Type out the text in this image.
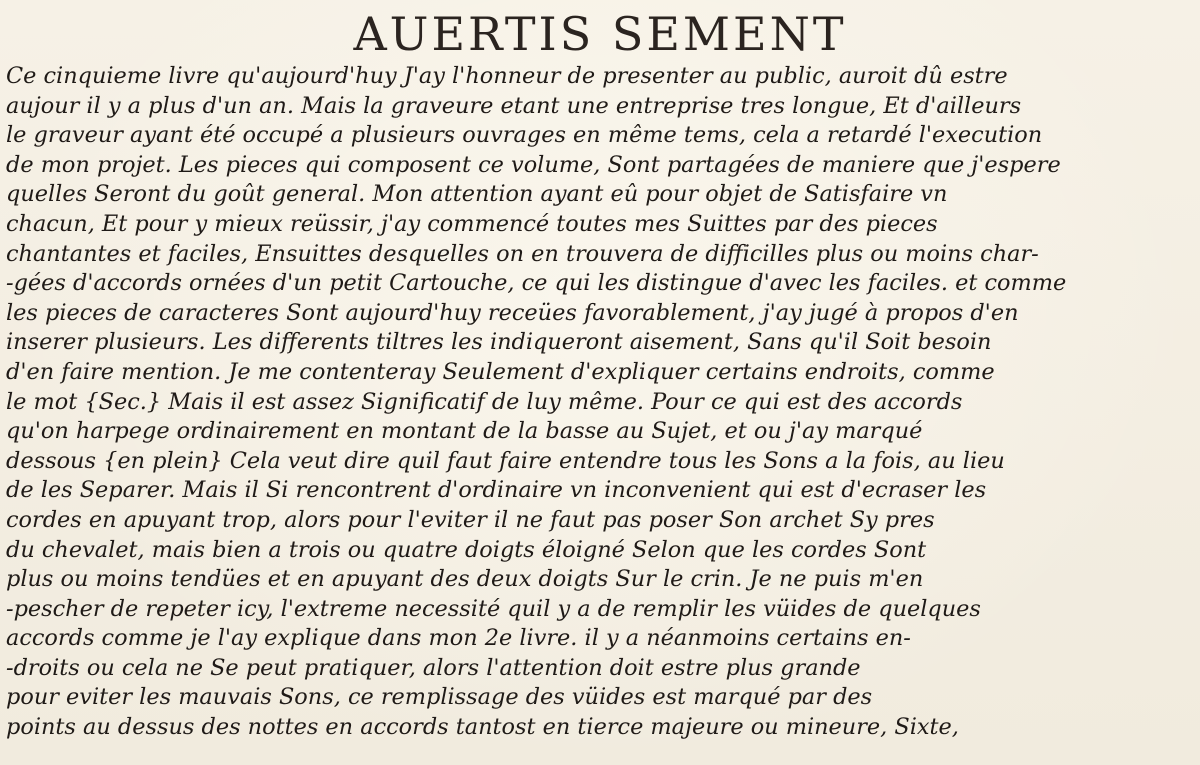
AUERTIS SEMENT
Ce cinquieme livre qu'aujourd'huy J'ay l'honneur de presenter au public, auroit dû estre
aujour il y a plus d'un an. Mais la graveure etant une entreprise tres longue, Et d'ailleurs
le graveur ayant été occupé a plusieurs ouvrages en même tems, cela a retardé l'execution
de mon projet. Les pieces qui composent ce volume, Sont partagées de maniere que j'espere
quelles Seront du goût general. Mon attention ayant eû pour objet de Satisfaire vn
chacun, Et pour y mieux reüssir, j'ay commencé toutes mes Suittes par des pieces
chantantes et faciles, Ensuittes desquelles on en trouvera de difficilles plus ou moins char-
-gées d'accords ornées d'un petit Cartouche, ce qui les distingue d'avec les faciles. et comme
les pieces de caracteres Sont aujourd'huy receües favorablement, j'ay jugé à propos d'en
inserer plusieurs. Les differents tiltres les indiqueront aisement, Sans qu'il Soit besoin
d'en faire mention. Je me contenteray Seulement d'expliquer certains endroits, comme
le mot {Sec.} Mais il est assez Significatif de luy même. Pour ce qui est des accords
qu'on harpege ordinairement en montant de la basse au Sujet, et ou j'ay marqué
dessous {en plein} Cela veut dire quil faut faire entendre tous les Sons a la fois, au lieu
de les Separer. Mais il Si rencontrent d'ordinaire vn inconvenient qui est d'ecraser les
cordes en apuyant trop, alors pour l'eviter il ne faut pas poser Son archet Sy pres
du chevalet, mais bien a trois ou quatre doigts éloigné Selon que les cordes Sont
plus ou moins tendües et en apuyant des deux doigts Sur le crin. Je ne puis m'en
-pescher de repeter icy, l'extreme necessité quil y a de remplir les vüides de quelques
accords comme je l'ay explique dans mon 2e livre. il y a néanmoins certains en-
-droits ou cela ne Se peut pratiquer, alors l'attention doit estre plus grande
pour eviter les mauvais Sons, ce remplissage des vüides est marqué par des
points au dessus des nottes en accords tantost en tierce majeure ou mineure, Sixte,
